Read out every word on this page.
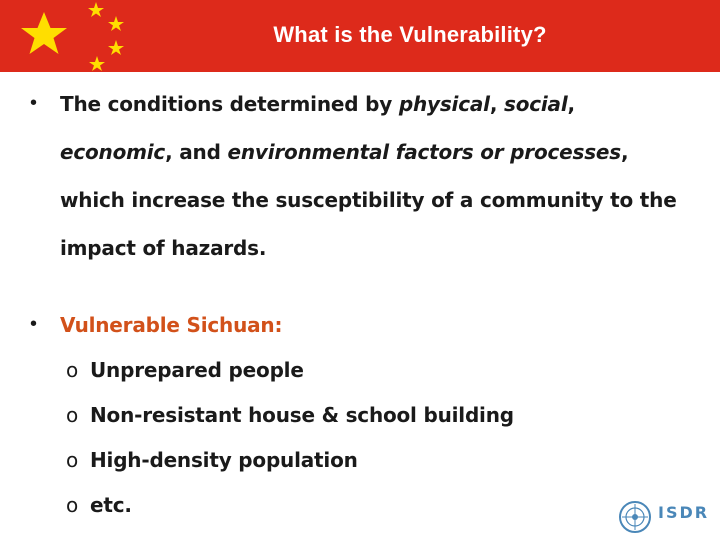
What is the Vulnerability?
• The conditions determined by physical, social,
economic, and environmental factors or processes,
which increase the susceptibility of a community to the
impact of hazards.
• Vulnerable Sichuan:
o Unprepared people
o Non-resistant house & school building
o High-density population
o etc.	ISDR
